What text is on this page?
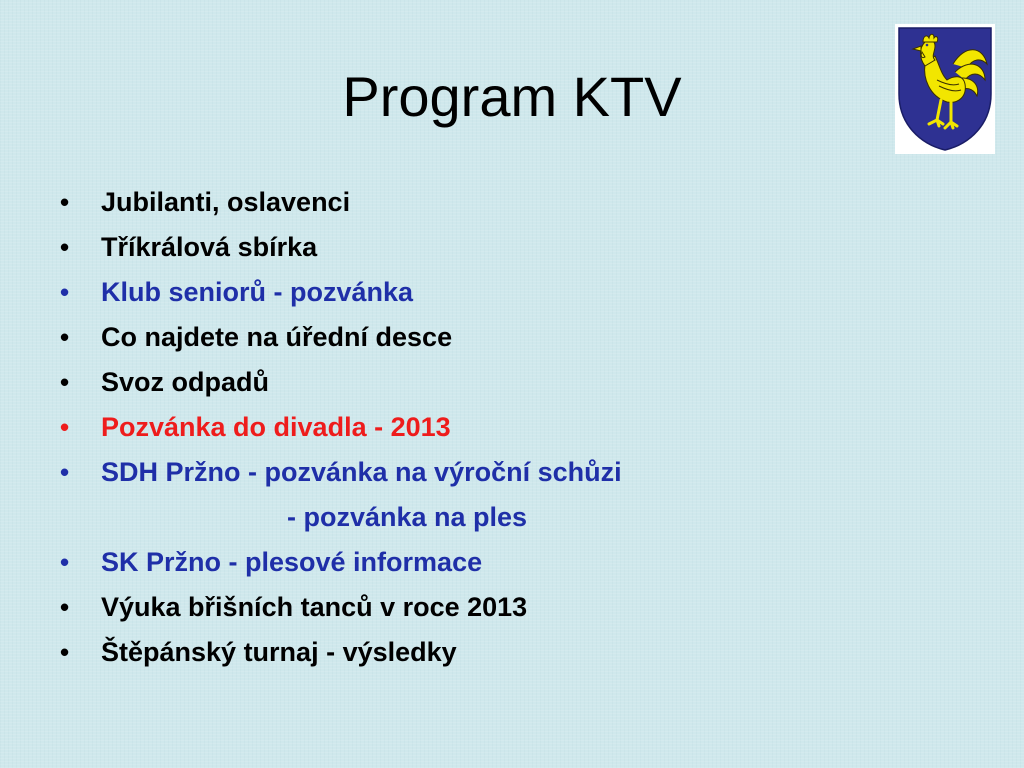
Program KTV
•	Jubilanti, oslavenci
•	Tříkrálová sbírka
•	Klub seniorů - pozvánka
•	Co najdete na úřední desce
•	Svoz odpadů
•	Pozvánka do divadla - 2013
•	SDH Pržno - pozvánka na výroční schůzi
- pozvánka na ples
•	SK Pržno - plesové informace
•	Výuka břišních tanců v roce 2013
•	Štěpánský turnaj - výsledky
